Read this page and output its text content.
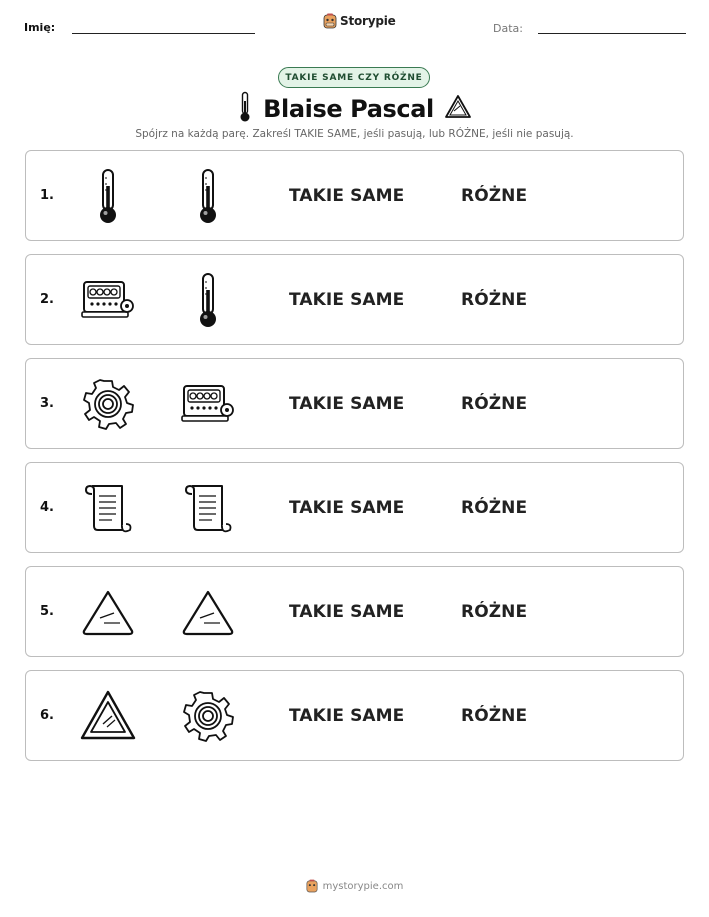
Imię:	Storypie
Data:
TAKIE SAME CZY RÓŻNE
Blaise Pascal
Spójrz na każdą parę. Zakreśl TAKIE SAME, jeśli pasują, lub RÓŻNE, jeśli nie pasują.
1.	TAKIE SAME	RÓŻNE
2.	TAKIE SAME	RÓŻNE
3.	TAKIE SAME	RÓŻNE
4.	TAKIE SAME	RÓŻNE
5.	TAKIE SAME	RÓŻNE
6.	TAKIE SAME	RÓŻNE
mystorypie.com
